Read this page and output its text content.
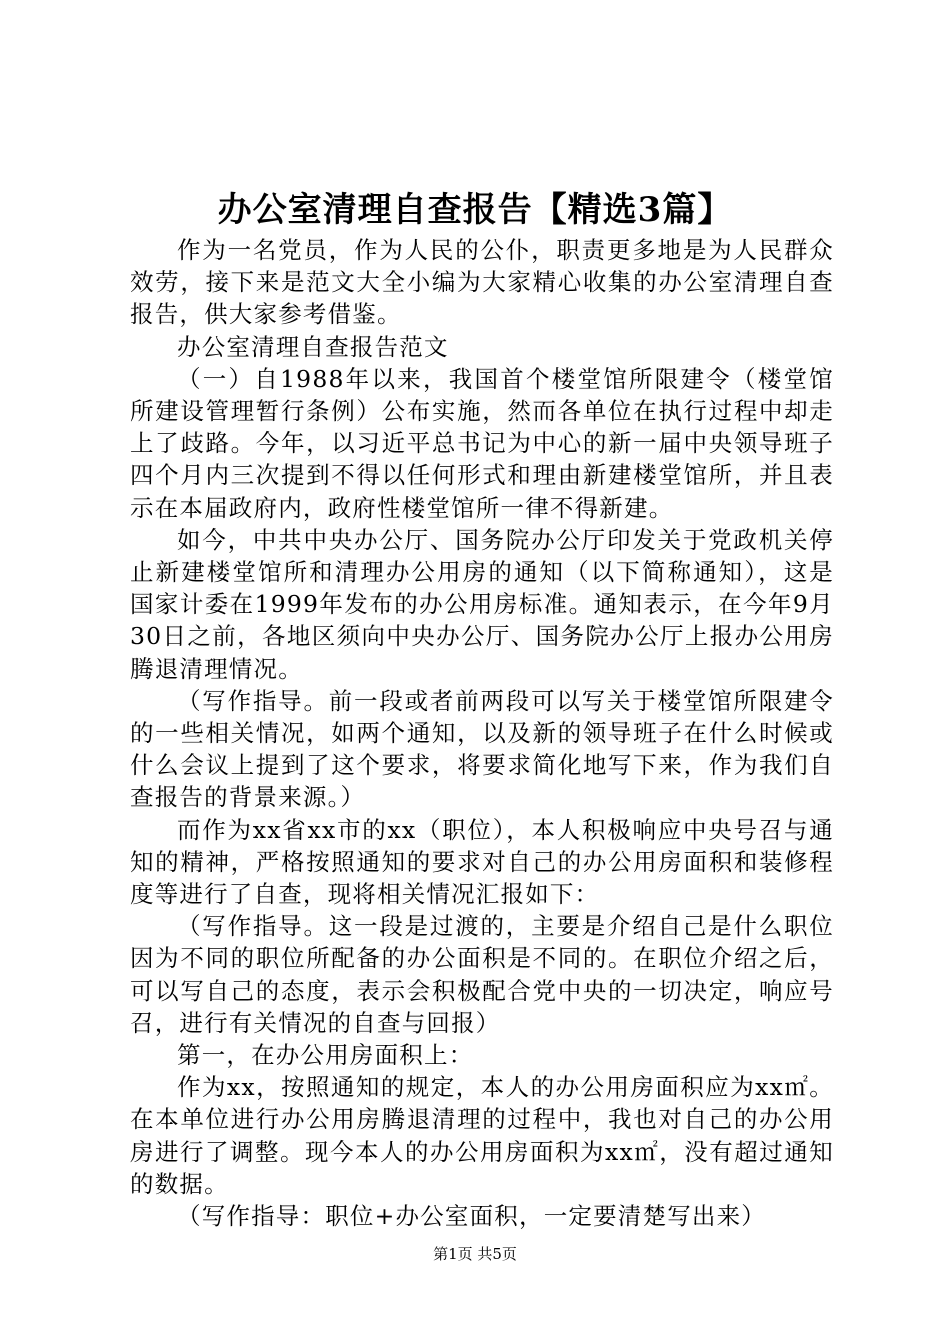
办公室清理自查报告【精选3篇】

作为一名党员，作为人民的公仆，职责更多地是为人民群众效劳，接下来是范文大全小编为大家精心收集的办公室清理自查报告，供大家参考借鉴。

办公室清理自查报告范文

（一）自1988年以来，我国首个楼堂馆所限建令（楼堂馆所建设管理暂行条例）公布实施，然而各单位在执行过程中却走上了歧路。今年，以习近平总书记为中心的新一届中央领导班子四个月内三次提到不得以任何形式和理由新建楼堂馆所，并且表示在本届政府内，政府性楼堂馆所一律不得新建。

如今，中共中央办公厅、国务院办公厅印发关于党政机关停止新建楼堂馆所和清理办公用房的通知（以下简称通知），这是国家计委在1999年发布的办公用房标准。通知表示，在今年9月30日之前，各地区须向中央办公厅、国务院办公厅上报办公用房腾退清理情况。

（写作指导。前一段或者前两段可以写关于楼堂馆所限建令的一些相关情况，如两个通知，以及新的领导班子在什么时候或什么会议上提到了这个要求，将要求简化地写下来，作为我们自查报告的背景来源。）

而作为xx省xx市的xx（职位），本人积极响应中央号召与通知的精神，严格按照通知的要求对自己的办公用房面积和装修程度等进行了自查，现将相关情况汇报如下：

（写作指导。这一段是过渡的，主要是介绍自己是什么职位因为不同的职位所配备的办公面积是不同的。在职位介绍之后，可以写自己的态度，表示会积极配合党中央的一切决定，响应号召，进行有关情况的自查与回报）

第一，在办公用房面积上：

作为xx，按照通知的规定，本人的办公用房面积应为xx㎡。在本单位进行办公用房腾退清理的过程中，我也对自己的办公用房进行了调整。现今本人的办公用房面积为xx㎡，没有超过通知的数据。

（写作指导：职位+办公室面积，一定要清楚写出来）

第1页 共5页
